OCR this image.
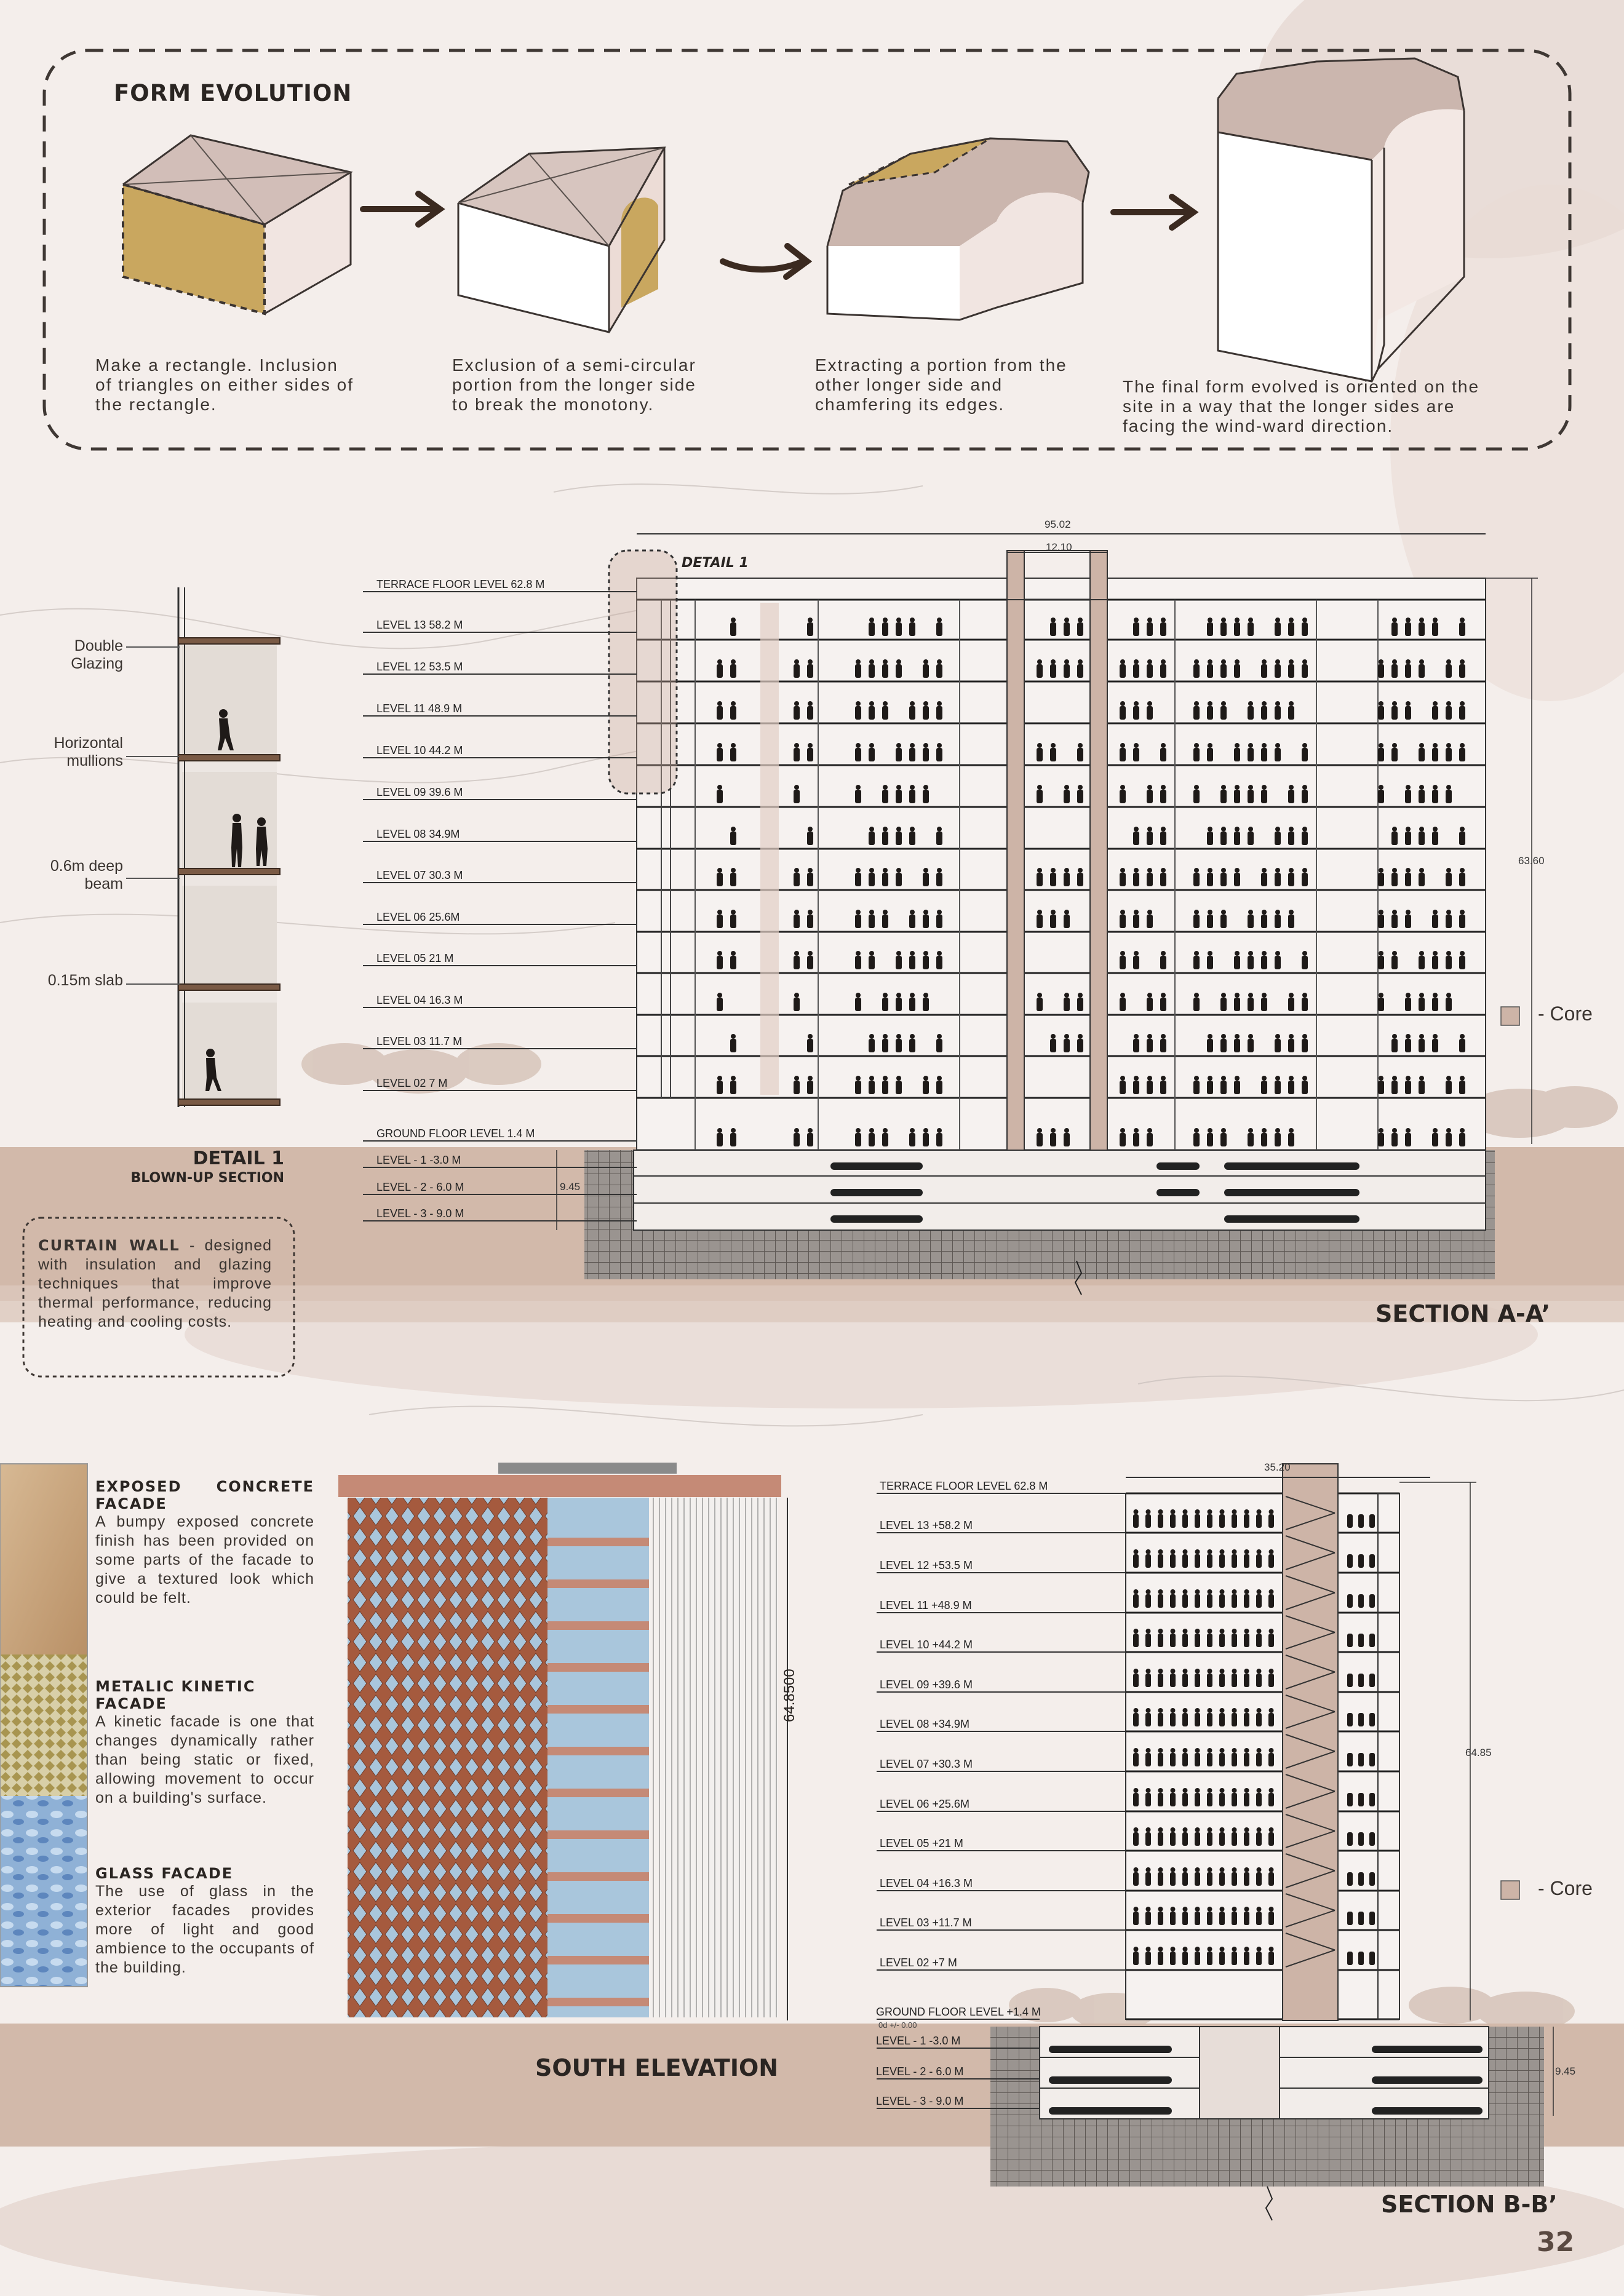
FORM EVOLUTION
Make a rectangle. Inclusion of triangles on either sides of the rectangle.
Exclusion of a semi-circular portion from the longer side to break the monotony.
Extracting a portion from the other longer side and chamfering its edges.
The final form evolved is oriented on the site in a way that the longer sides are facing the wind-ward direction.
Double Glazing
Horizontal mullions
0.6m deep beam
0.15m slab
DETAIL 1
BLOWN-UP SECTION
DETAIL 1
CURTAIN WALL - designed with insulation and glazing techniques that improve thermal performance, reducing heating and cooling costs.
TERRACE FLOOR LEVEL 62.8 M
LEVEL 13 58.2 M
LEVEL 12 53.5 M
LEVEL 11 48.9 M
LEVEL 10 44.2 M
LEVEL 09 39.6 M
LEVEL 08 34.9M
LEVEL 07 30.3 M
LEVEL 06 25.6M
LEVEL 05 21 M
LEVEL 04 16.3 M
LEVEL 03 11.7 M
LEVEL 02 7 M
GROUND FLOOR LEVEL 1.4 M
LEVEL - 1 -3.0 M
LEVEL - 2 - 6.0 M
LEVEL - 3 - 9.0 M
95.02
12.10
63.60
9.45
- Core
SECTION A-A’
EXPOSED CONCRETE FACADE
A bumpy exposed concrete finish has been provided on some parts of the facade to give a textured look which could be felt.
METALIC KINETIC FACADE
A kinetic facade is one that changes dynamically rather than being static or fixed, allowing movement to occur on a building's surface.
GLASS FACADE
The use of glass in the exterior facades provides more of light and good ambience to the occupants of the building.
64.8500
SOUTH ELEVATION
TERRACE FLOOR LEVEL 62.8 M
LEVEL 13 +58.2 M
LEVEL 12 +53.5 M
LEVEL 11 +48.9 M
LEVEL 10 +44.2 M
LEVEL 09 +39.6 M
LEVEL 08 +34.9M
LEVEL 07 +30.3 M
LEVEL 06 +25.6M
LEVEL 05 +21 M
LEVEL 04 +16.3 M
LEVEL 03 +11.7 M
LEVEL 02 +7 M
GROUND FLOOR LEVEL +1.4 M
LEVEL - 1 -3.0 M
LEVEL - 2 - 6.0 M
LEVEL - 3 - 9.0 M
0d +/- 0.00
35.20
64.85
9.45
- Core
SECTION B-B’
32
